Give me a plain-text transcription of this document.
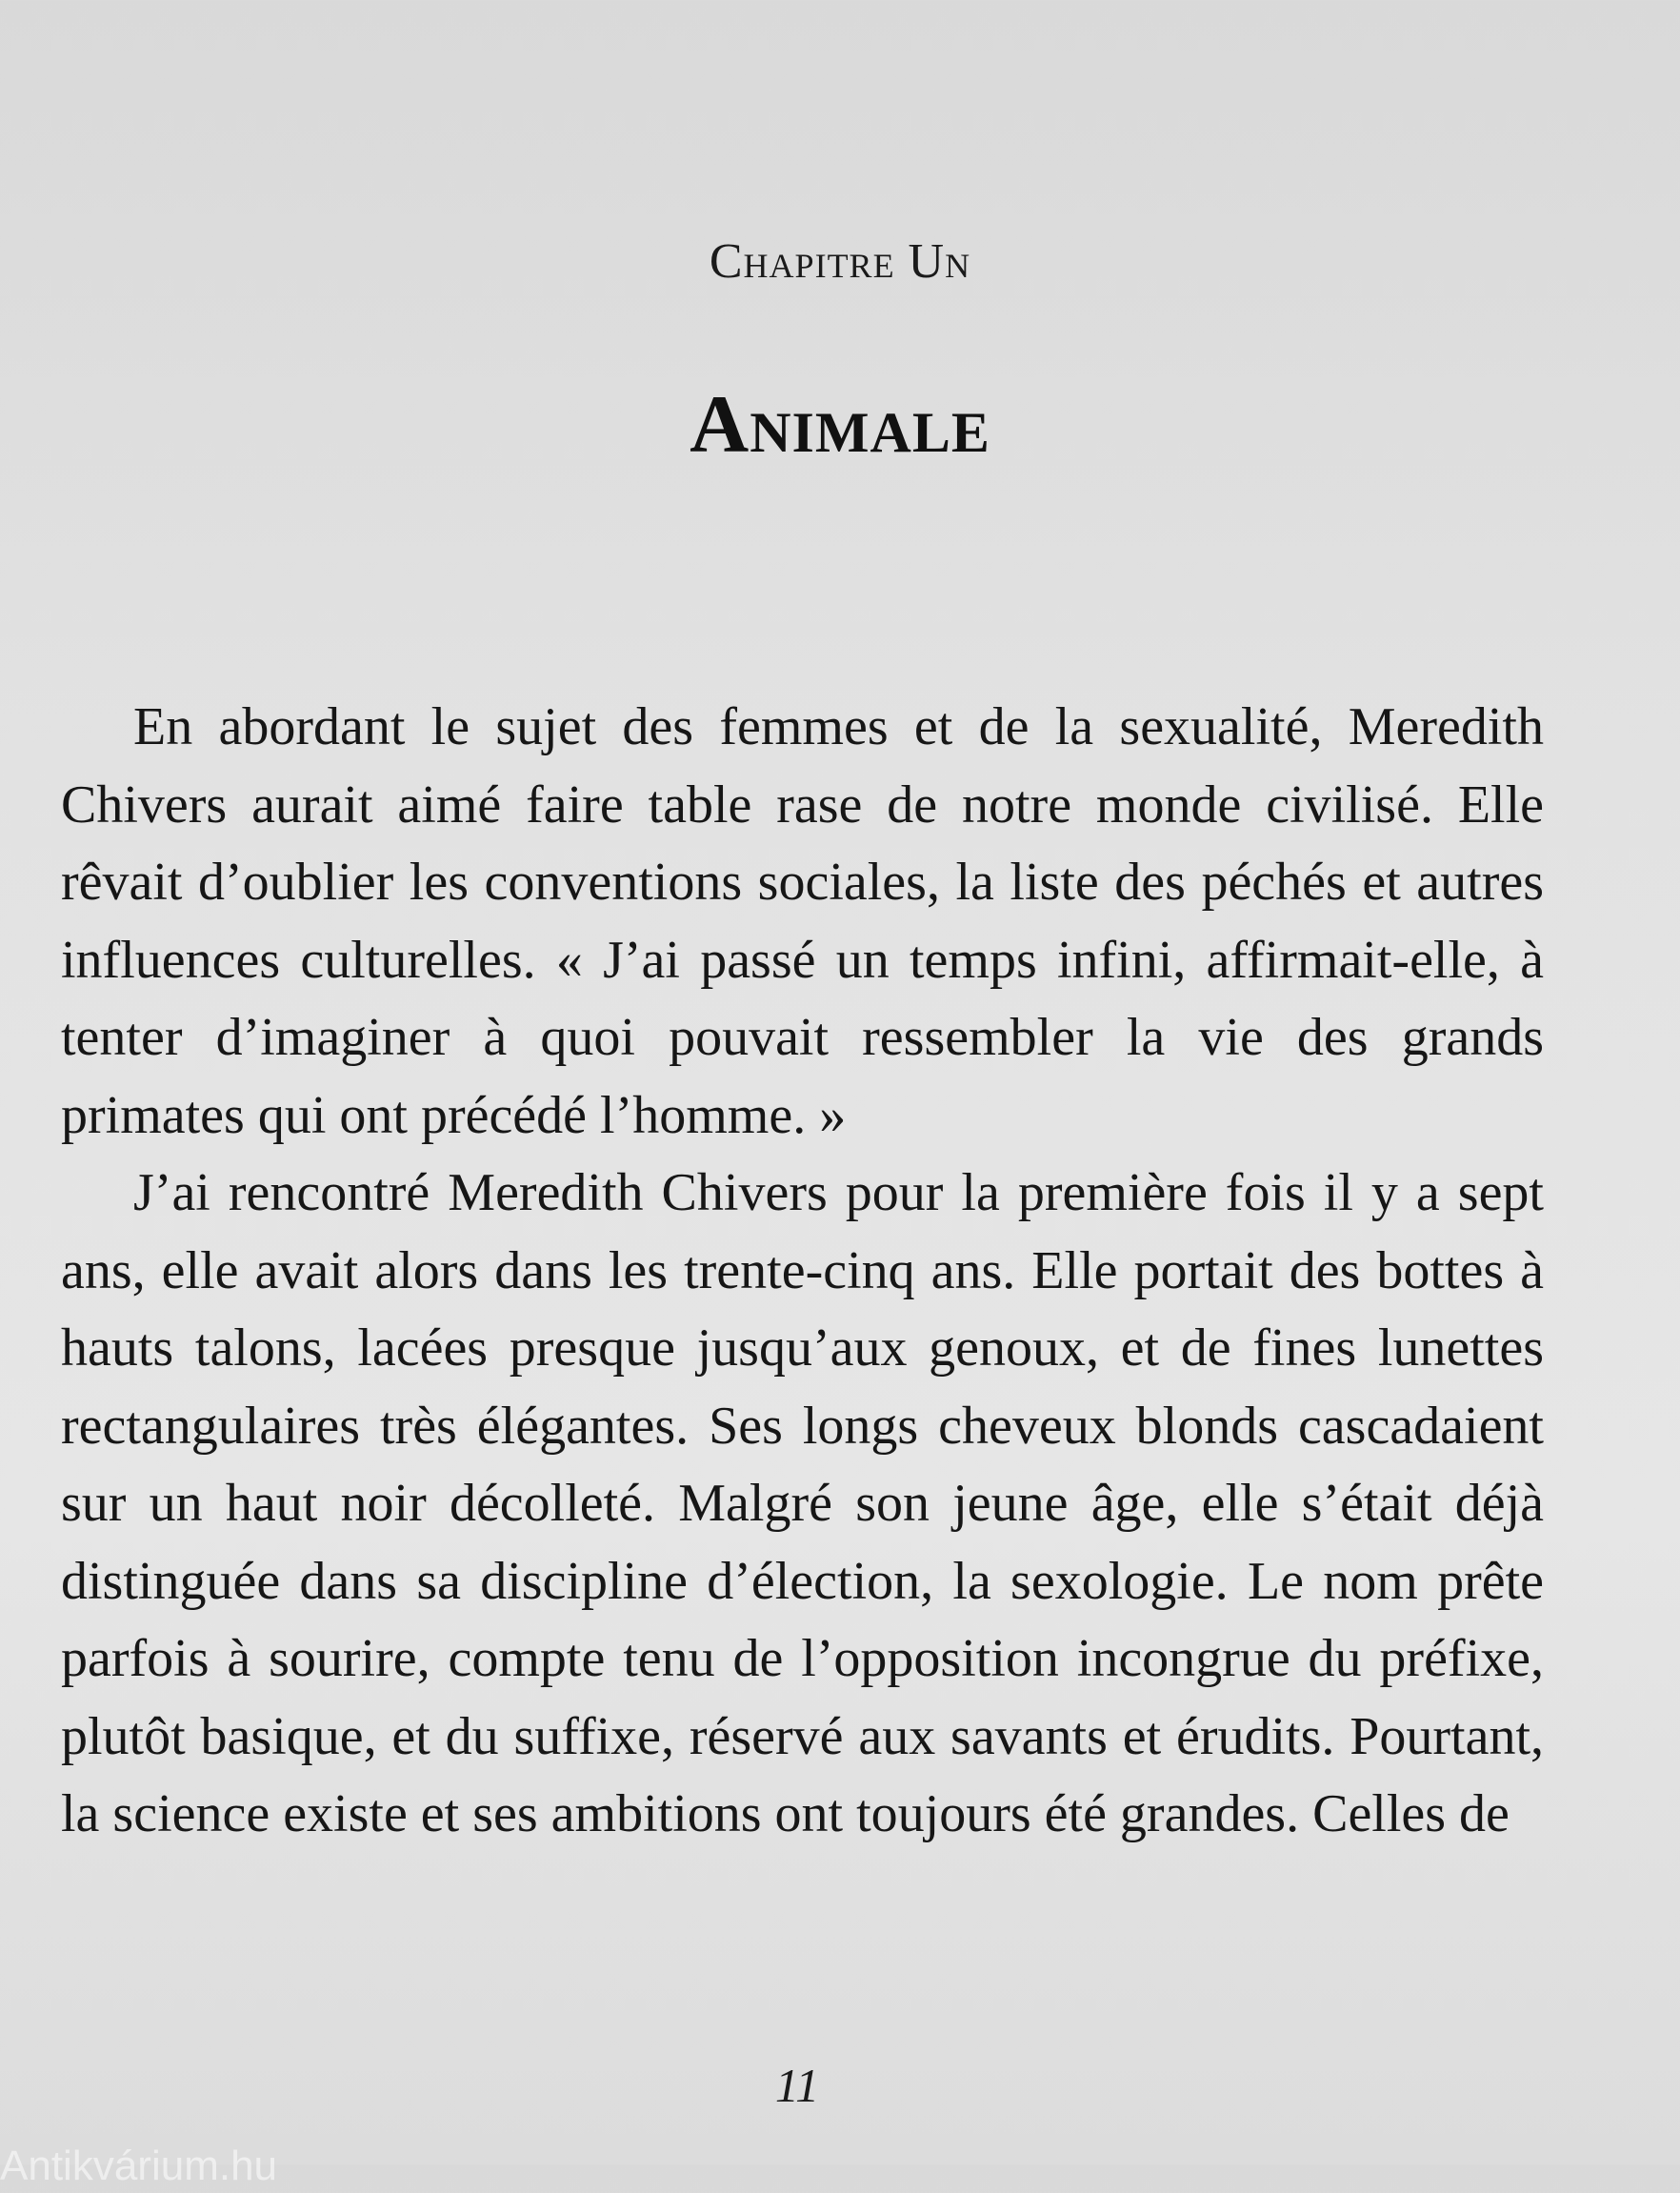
Chapitre Un
Animale

En abordant le sujet des femmes et de la sexualité, Meredith Chivers aurait aimé faire table rase de notre monde civilisé. Elle rêvait d’oublier les conventions sociales, la liste des péchés et autres influences culturelles. « J’ai passé un temps infini, affirmait-elle, à tenter d’imaginer à quoi pouvait ressembler la vie des grands primates qui ont précédé l’homme. »

J’ai rencontré Meredith Chivers pour la première fois il y a sept ans, elle avait alors dans les trente-cinq ans. Elle portait des bottes à hauts talons, lacées presque jusqu’aux genoux, et de fines lunettes rectangulaires très élégantes. Ses longs cheveux blonds cascadaient sur un haut noir décolleté. Malgré son jeune âge, elle s’était déjà distinguée dans sa discipline d’élection, la sexologie. Le nom prête parfois à sourire, compte tenu de l’opposition incongrue du préfixe, plutôt basique, et du suffixe, réservé aux savants et érudits. Pourtant, la science existe et ses ambitions ont toujours été grandes. Celles de

11
Antikvárium.hu
